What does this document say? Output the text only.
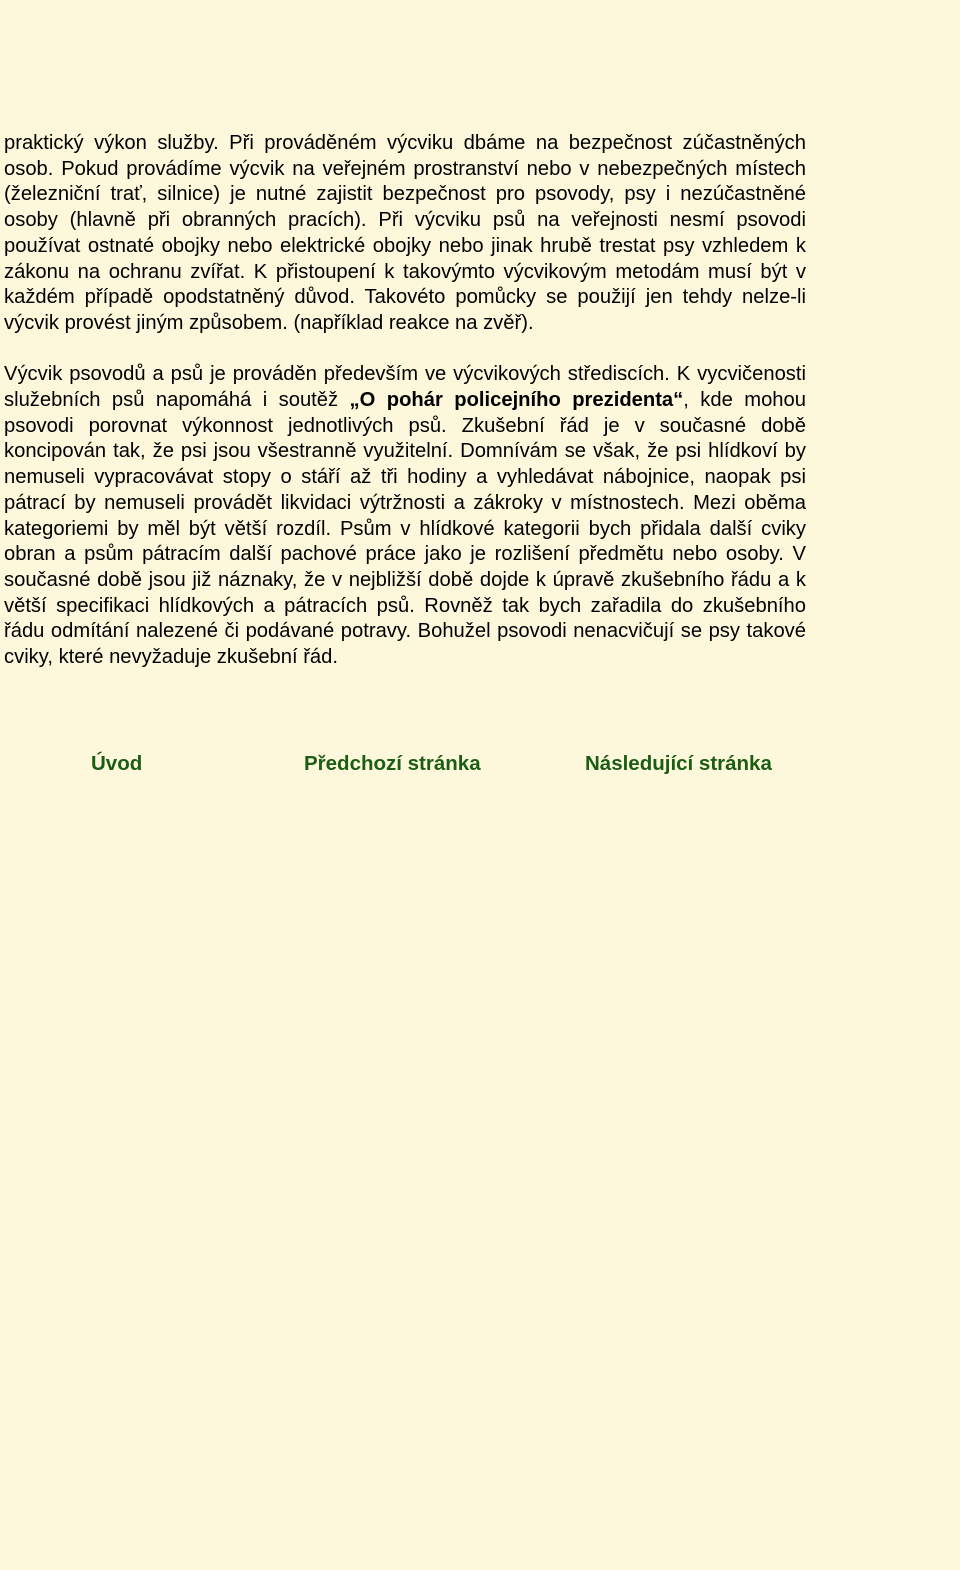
praktický výkon služby. Při prováděném výcviku dbáme na bezpečnost zúčastněných osob. Pokud provádíme výcvik na veřejném prostranství nebo v nebezpečných místech (železniční trať, silnice) je nutné zajistit bezpečnost pro psovody, psy i nezúčastněné osoby (hlavně při obranných pracích). Při výcviku psů na veřejnosti nesmí psovodi používat ostnaté obojky nebo elektrické obojky nebo jinak hrubě trestat psy vzhledem k zákonu na ochranu zvířat. K přistoupení k takovýmto výcvikovým metodám musí být v každém případě opodstatněný důvod. Takovéto pomůcky se použijí jen tehdy nelze-li výcvik provést jiným způsobem. (například reakce na zvěř).

Výcvik psovodů a psů je prováděn především ve výcvikových střediscích. K vycvičenosti služebních psů napomáhá i soutěž „O pohár policejního prezidenta“, kde mohou psovodi porovnat výkonnost jednotlivých psů. Zkušební řád je v současné době koncipován tak, že psi jsou všestranně využitelní. Domnívám se však, že psi hlídkoví by nemuseli vypracovávat stopy o stáří až tři hodiny a vyhledávat nábojnice, naopak psi pátrací by nemuseli provádět likvidaci výtržnosti a zákroky v místnostech. Mezi oběma kategoriemi by měl být větší rozdíl. Psům v hlídkové kategorii bych přidala další cviky obran a psům pátracím další pachové práce jako je rozlišení předmětu nebo osoby. V současné době jsou již náznaky, že v nejbližší době dojde k úpravě zkušebního řádu a k větší specifikaci hlídkových a pátracích psů. Rovněž tak bych zařadila do zkušebního řádu odmítání nalezené či podávané potravy. Bohužel psovodi nenacvičují se psy takové cviky, které nevyžaduje zkušební řád.

Úvod	Předchozí stránka	Následující stránka
